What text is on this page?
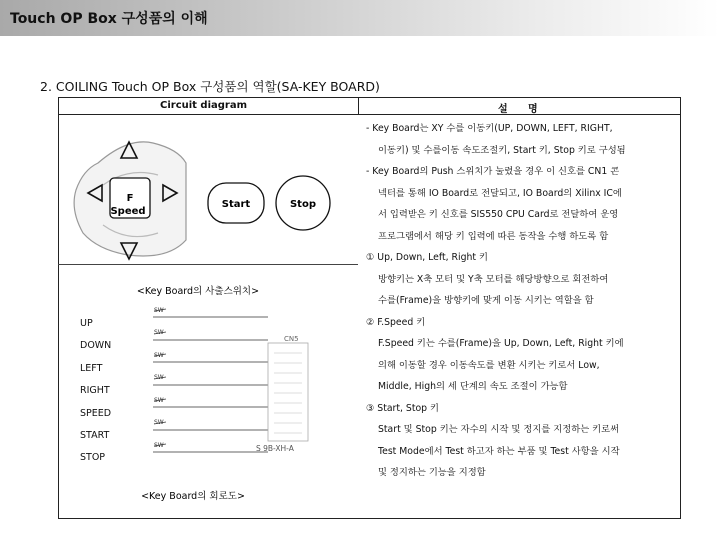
Touch OP Box 구성품의 이해
2. COILING Touch OP Box 구성품의 역할(SA-KEY BOARD)
Circuit diagram	설 명
F
Speed
Start	Stop
<Key Board의 사출스위치>
SW
SW
SW
SW
SW
SW
SW
CN5
S 9B-XH-A
<Key Board의 회로도>
UP
DOWN
LEFT
RIGHT
SPEED
START
STOP

- Key Board는 XY 수를 이동키(UP, DOWN, LEFT, RIGHT,

이동키) 및 수를이동 속도조절키, Start 키, Stop 키로 구성됨

- Key Board의 Push 스위치가 눌렸을 경우 이 신호를 CN1 콘

넥터를 통해 IO Board로 전달되고, IO Board의 Xilinx IC에

서 입력받은 키 신호를 SIS550 CPU Card로 전달하여 운영

프로그램에서 해당 키 입력에 따른 동작을 수행 하도록 함

① Up, Down, Left, Right 키

방향키는 X축 모터 및 Y축 모터를 해당방향으로 회전하여

수를(Frame)을 방향키에 맞게 이동 시키는 역할을 함

② F.Speed 키

F.Speed 키는 수를(Frame)을 Up, Down, Left, Right 키에

의해 이동할 경우 이동속도를 변환 시키는 키로서 Low,

Middle, High의 세 단계의 속도 조절이 가능함

③ Start, Stop 키

Start 및 Stop 키는 자수의 시작 및 정지를 지정하는 키로써

Test Mode에서 Test 하고자 하는 부품 및 Test 사항을 시작

및 정지하는 기능을 지정함
